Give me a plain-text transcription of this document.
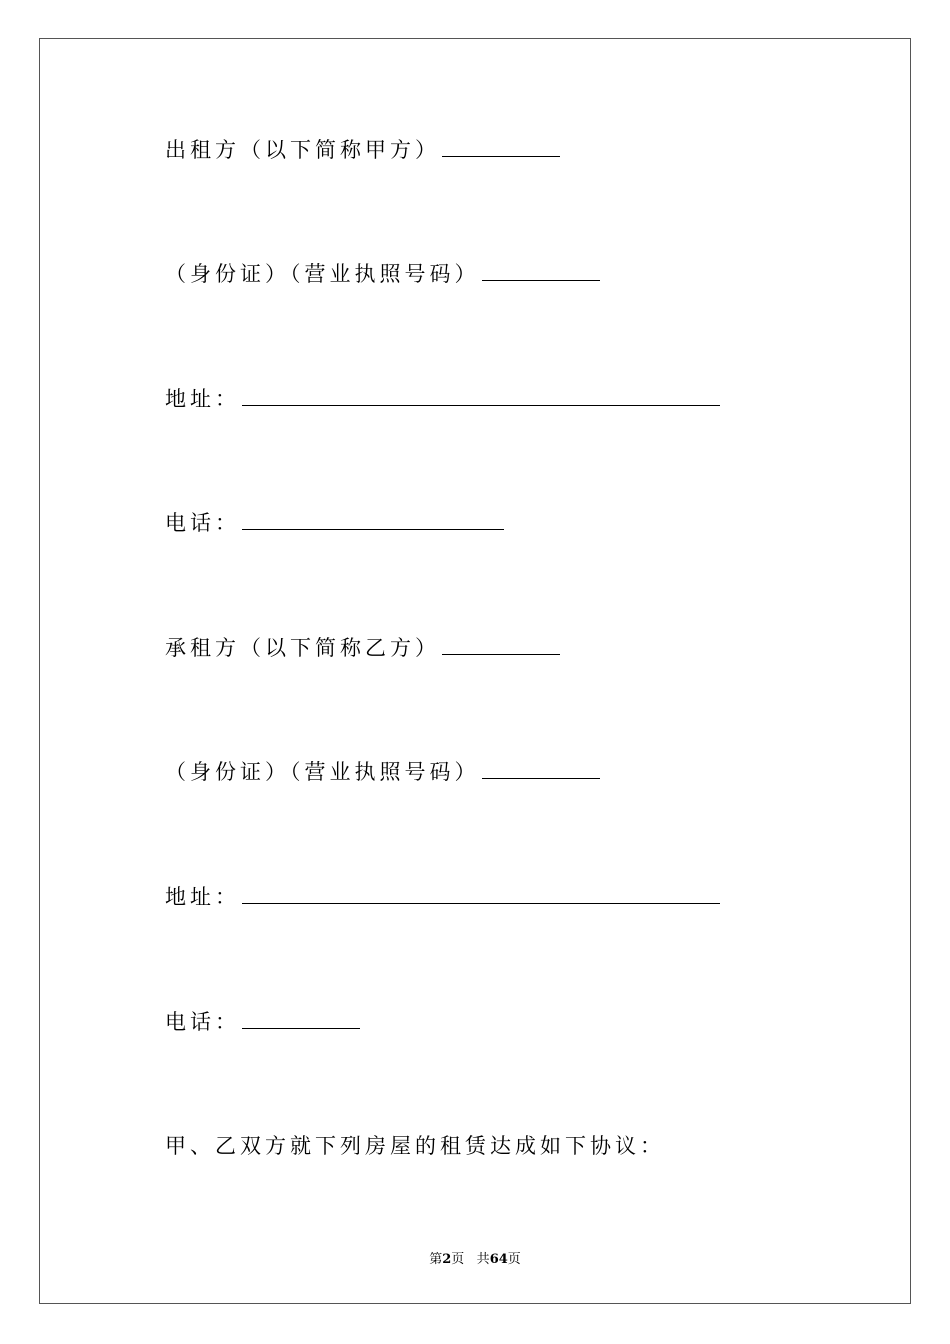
出租方（以下简称甲方）
（身份证）（营业执照号码）
地址：
电话：
承租方（以下简称乙方）
（身份证）（营业执照号码）
地址：
电话：
甲、乙双方就下列房屋的租赁达成如下协议：
第2页 共64页
